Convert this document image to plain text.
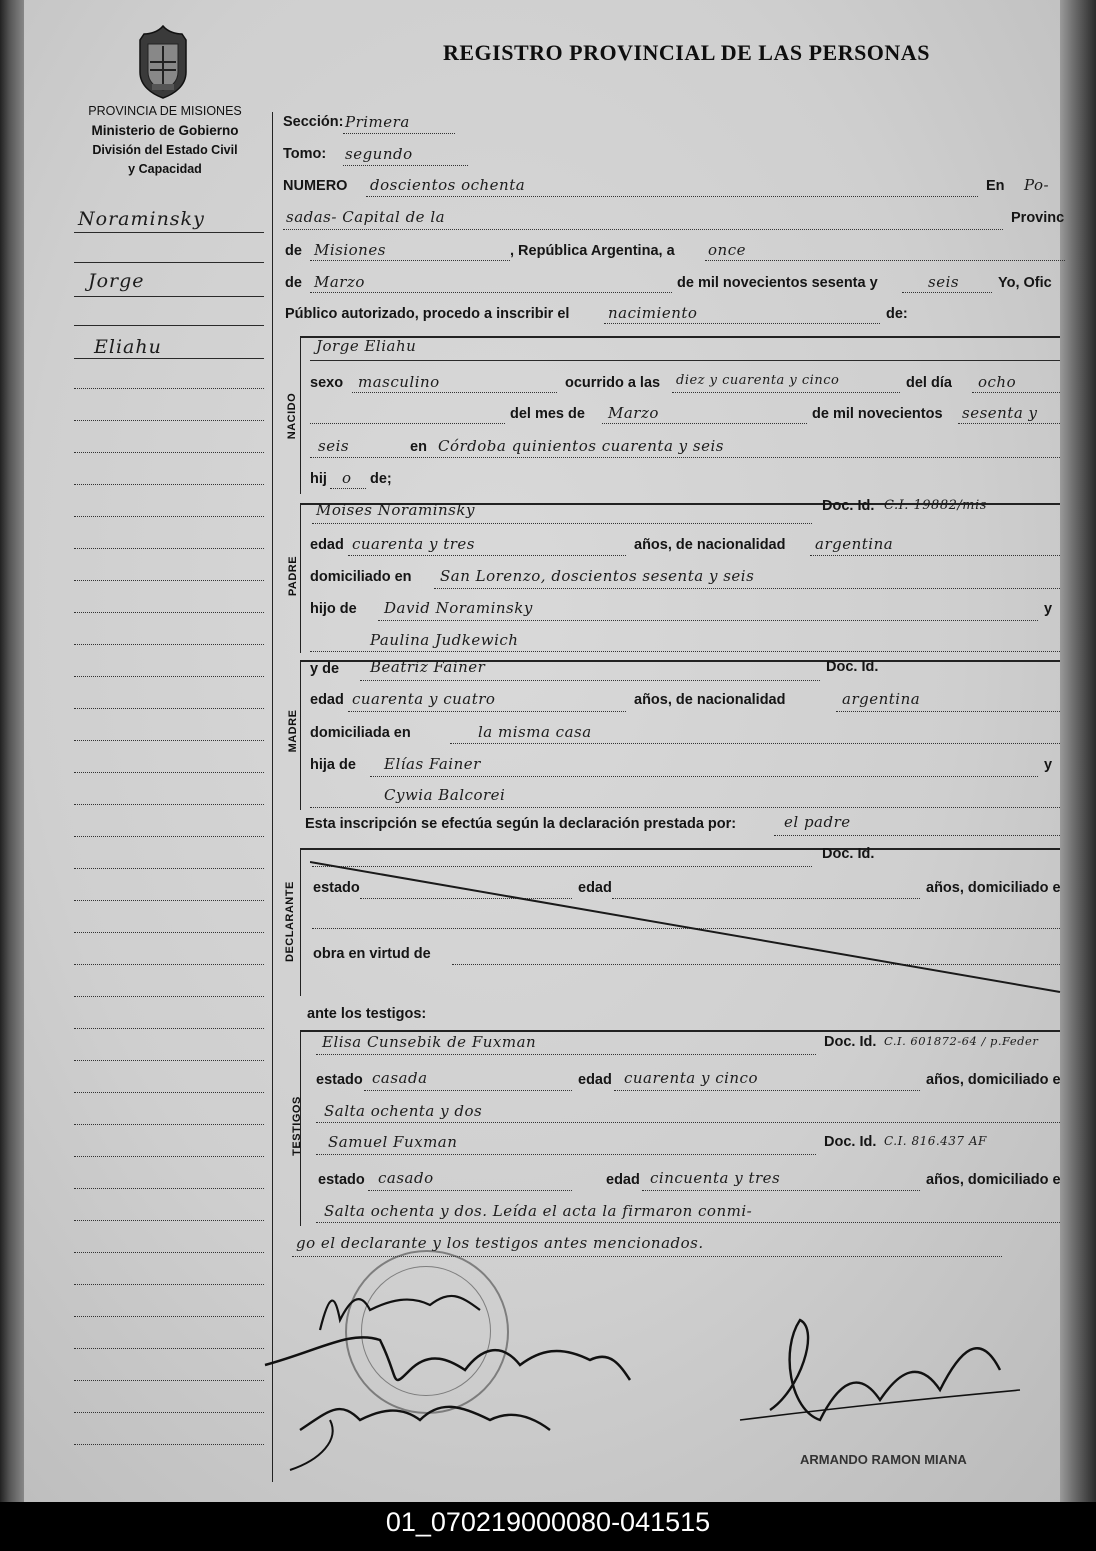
PROVINCIA DE MISIONES
Ministerio de Gobierno
División del Estado Civil
y Capacidad
REGISTRO PROVINCIAL DE LAS PERSONAS
Noraminsky
Jorge
Eliahu
Sección: Primera
Tomo: segundo
NUMERO doscientos ochenta	En Po-
sadas- Capital de la	Provinc
de Misiones	, República Argentina, a once
de Marzo	de mil novecientos sesenta y	seis	Yo, Ofic
Público autorizado, procedo a inscribir el	nacimiento	de:
NACIDO
Jorge Eliahu
sexo masculino	ocurrido a las diez y cuarenta y cinco	del día ocho
del mes de Marzo	de mil novecientos sesenta y
seis	en Córdoba quinientos cuarenta y seis
hij o de;
PADRE
Moises Noraminsky	Doc. Id. C.I. 19882/mis
edad cuarenta y tres	años, de nacionalidad argentina
domiciliado en San Lorenzo, doscientos sesenta y seis
hijo de David Noraminsky	y
Paulina Judkewich
MADRE
y de Beatriz Fainer	Doc. Id.
edad cuarenta y cuatro	años, de nacionalidad	argentina
domiciliada en	la misma casa
hija de Elías Fainer	y
Cywia Balcorei
Esta inscripción se efectúa según la declaración prestada por:	el padre
DECLARANTE
Doc. Id.
estado	edad	años, domiciliado e
obra en virtud de
ante los testigos:
TESTIGOS
Elisa Cunsebik de Fuxman	Doc. Id. C.I. 601872-64 / p.Feder
estado casada	edad cuarenta y cinco	años, domiciliado e
Salta ochenta y dos
Samuel Fuxman	Doc. Id. C.I. 816.437 AF
estado casado	edad cincuenta y tres	años, domiciliado e
Salta ochenta y dos. Leída el acta la firmaron conmi-
go el declarante y los testigos antes mencionados.
ARMANDO RAMON MIANA
01_070219000080-041515
